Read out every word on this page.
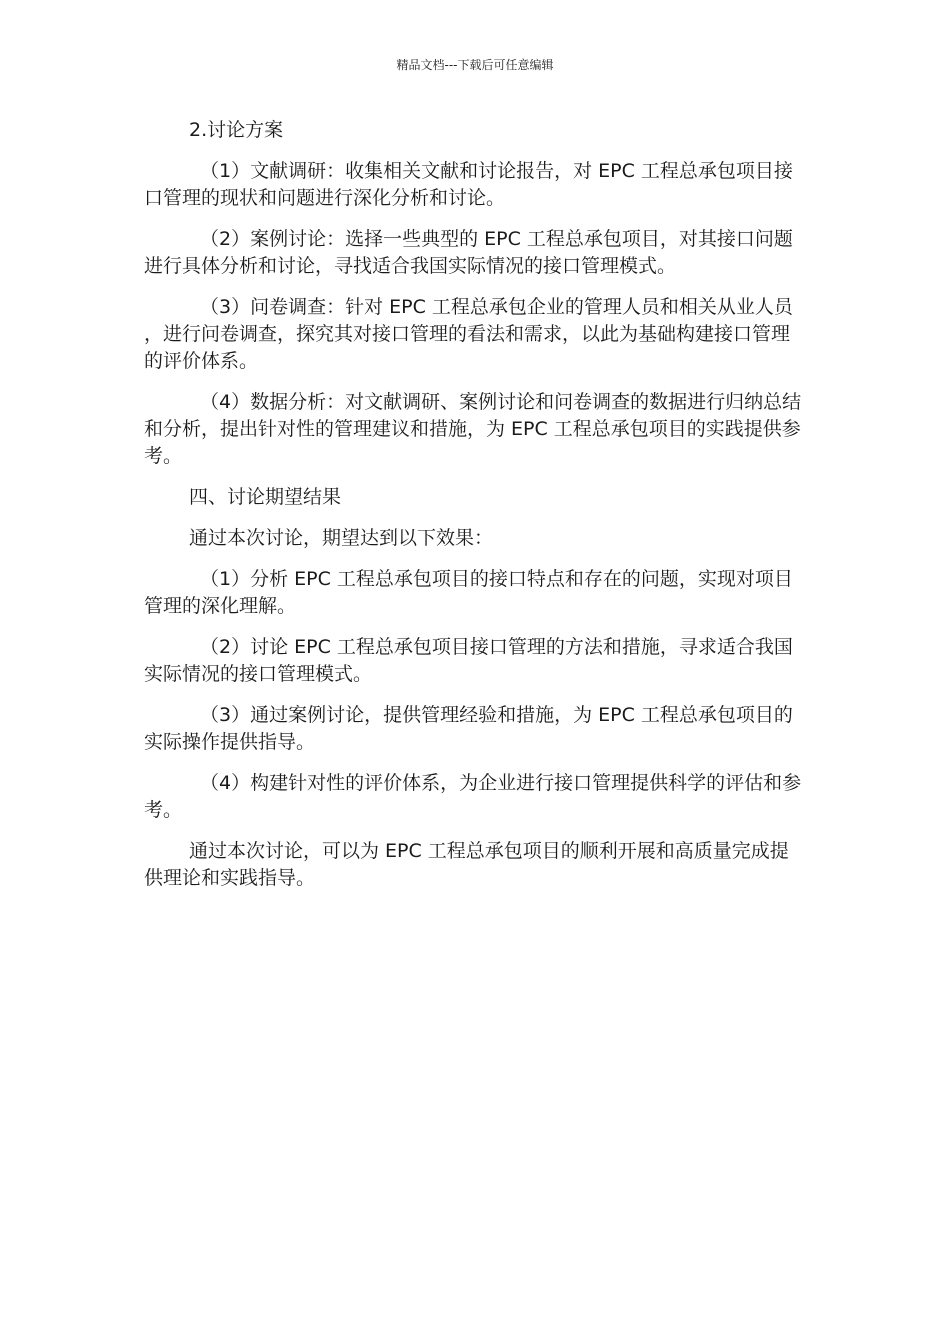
精品文档---下载后可任意编辑

2.讨论方案

（1）文献调研：收集相关文献和讨论报告，对 EPC 工程总承包项目接口管理的现状和问题进行深化分析和讨论。

（2）案例讨论：选择一些典型的 EPC 工程总承包项目，对其接口问题进行具体分析和讨论，寻找适合我国实际情况的接口管理模式。

（3）问卷调查：针对 EPC 工程总承包企业的管理人员和相关从业人员，进行问卷调查，探究其对接口管理的看法和需求，以此为基础构建接口管理的评价体系。

（4）数据分析：对文献调研、案例讨论和问卷调查的数据进行归纳总结和分析，提出针对性的管理建议和措施，为 EPC 工程总承包项目的实践提供参考。

四、讨论期望结果

通过本次讨论，期望达到以下效果：

（1）分析 EPC 工程总承包项目的接口特点和存在的问题，实现对项目管理的深化理解。

（2）讨论 EPC 工程总承包项目接口管理的方法和措施，寻求适合我国实际情况的接口管理模式。

（3）通过案例讨论，提供管理经验和措施，为 EPC 工程总承包项目的实际操作提供指导。

（4）构建针对性的评价体系，为企业进行接口管理提供科学的评估和参考。

通过本次讨论，可以为 EPC 工程总承包项目的顺利开展和高质量完成提供理论和实践指导。
